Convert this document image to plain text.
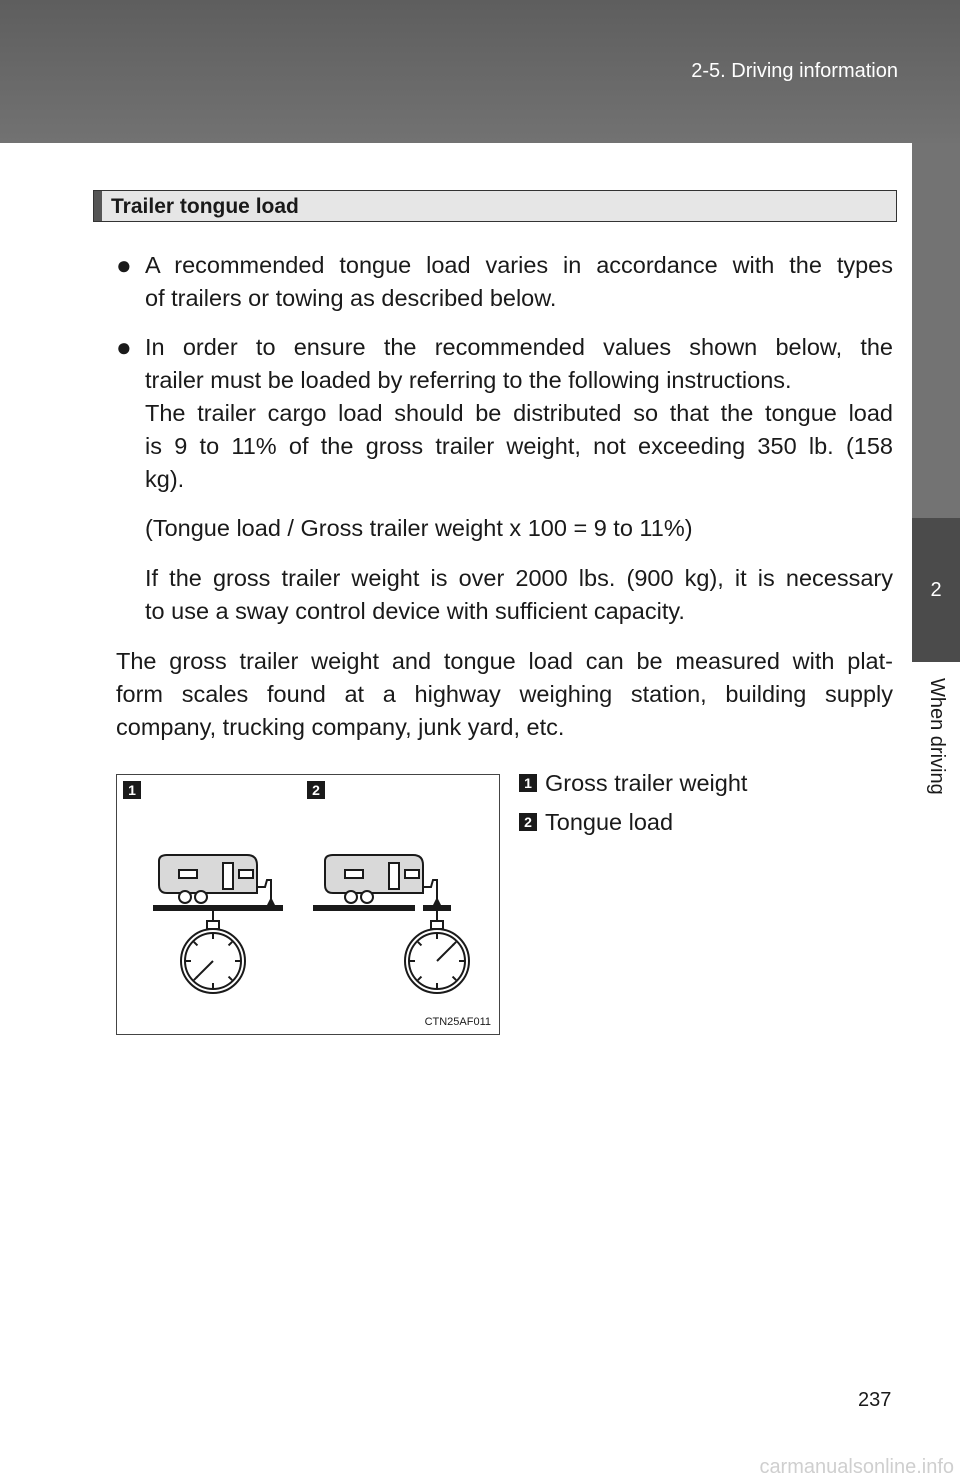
2-5. Driving information
2
When driving
Trailer tongue load
● A recommended tongue load varies in accordance with the types
of trailers or towing as described below.
● In order to ensure the recommended values shown below, the
trailer must be loaded by referring to the following instructions.
The trailer cargo load should be distributed so that the tongue load
is 9 to 11% of the gross trailer weight, not exceeding 350 lb. (158
kg).
(Tongue load / Gross trailer weight x 100 = 9 to 11%)
If the gross trailer weight is over 2000 lbs. (900 kg), it is necessary
to use a sway control device with sufficient capacity.
The gross trailer weight and tongue load can be measured with plat-
form scales found at a highway weighing station, building supply
company, trucking company, junk yard, etc.
1	2
CTN25AF011
1 Gross trailer weight
2 Tongue load
237
carmanualsonline.info
